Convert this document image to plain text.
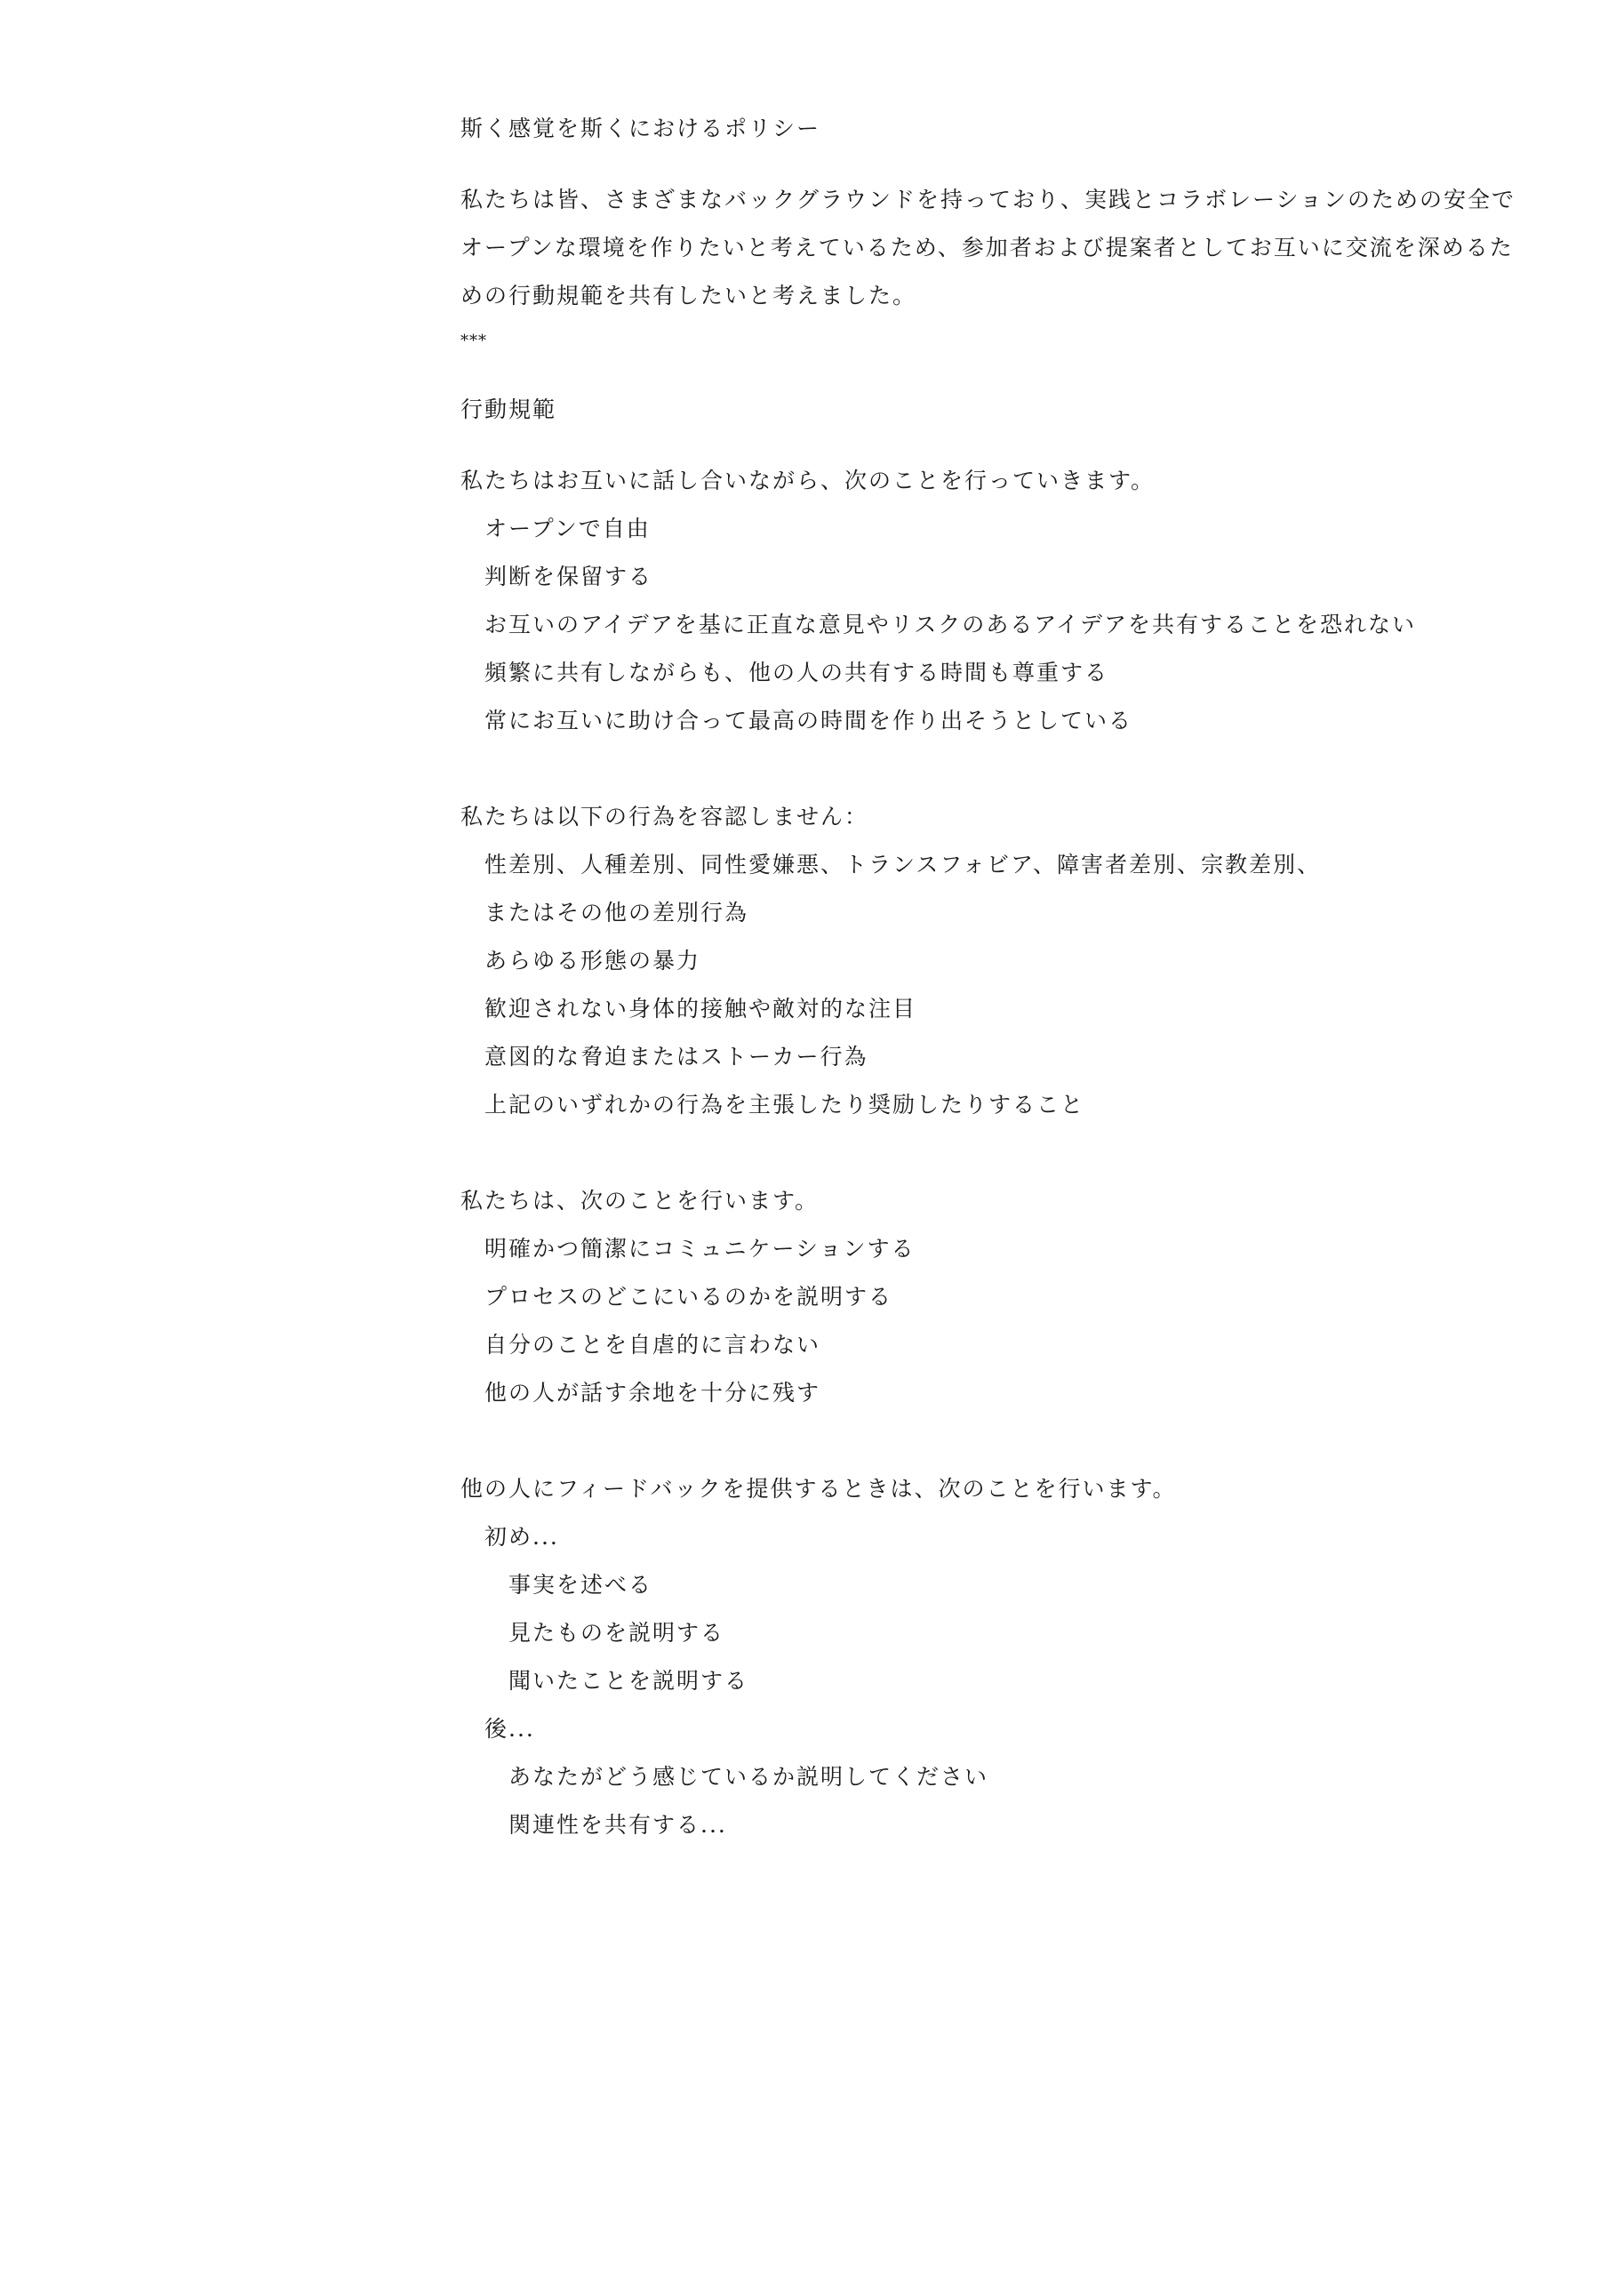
斯く感覚を斯くにおけるポリシー
私たちは皆、さまざまなバックグラウンドを持っており、実践とコラボレーションのための安全で
オープンな環境を作りたいと考えているため、参加者および提案者としてお互いに交流を深めるた
めの行動規範を共有したいと考えました。
***
行動規範
私たちはお互いに話し合いながら、次のことを行っていきます。
オープンで自由
判断を保留する
お互いのアイデアを基に正直な意見やリスクのあるアイデアを共有することを恐れない
頻繁に共有しながらも、他の人の共有する時間も尊重する
常にお互いに助け合って最高の時間を作り出そうとしている
私たちは以下の行為を容認しません：
性差別、人種差別、同性愛嫌悪、トランスフォビア、障害者差別、宗教差別、
またはその他の差別行為
あらゆる形態の暴力
歓迎されない身体的接触や敵対的な注目
意図的な脅迫またはストーカー行為
上記のいずれかの行為を主張したり奨励したりすること
私たちは、次のことを行います。
明確かつ簡潔にコミュニケーションする
プロセスのどこにいるのかを説明する
自分のことを自虐的に言わない
他の人が話す余地を十分に残す
他の人にフィードバックを提供するときは、次のことを行います。
初め...
事実を述べる
見たものを説明する
聞いたことを説明する
後...
あなたがどう感じているか説明してください
関連性を共有する...
